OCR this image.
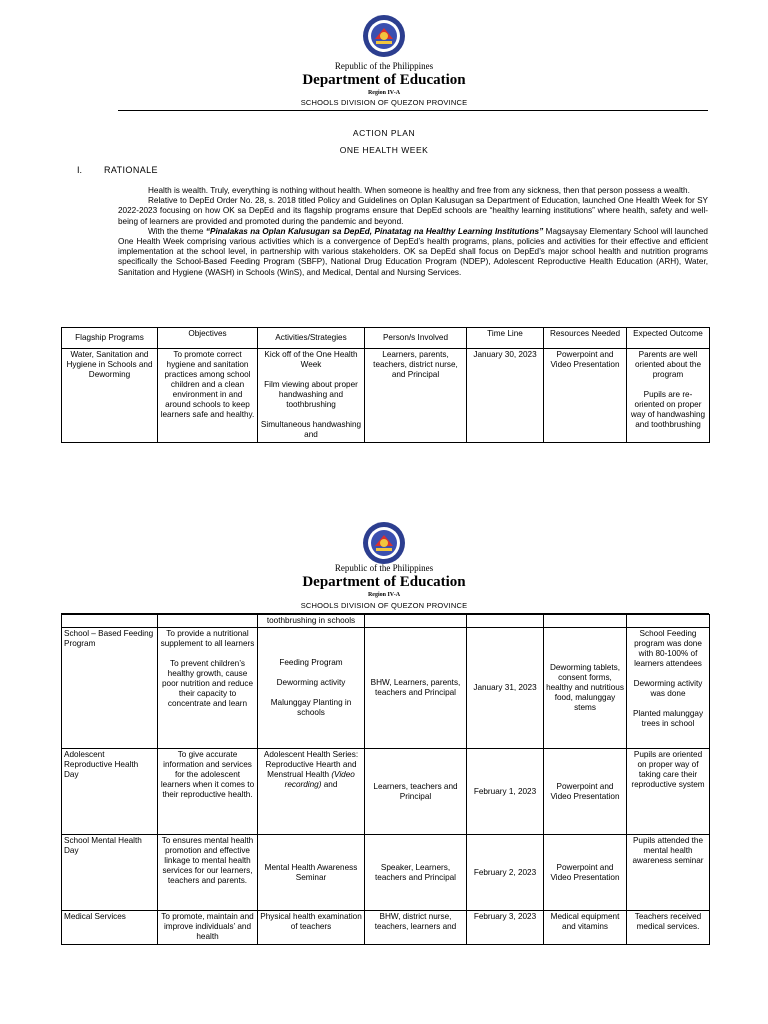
Republic of the Philippines
Department of Education
Region IV-A
SCHOOLS DIVISION OF QUEZON PROVINCE
ACTION PLAN
ONE HEALTH WEEK
I. RATIONALE

Health is wealth. Truly, everything is nothing without health. When someone is healthy and free from any sickness, then that person possess a wealth.

Relative to DepEd Order No. 28, s. 2018 titled Policy and Guidelines on Oplan Kalusugan sa Department of Education, launched One Health Week for SY 2022-2023 focusing on how OK sa DepEd and its flagship programs ensure that DepEd schools are “healthy learning institutions” where health, safety and well-being of learners are provided and promoted during the pandemic and beyond.

With the theme “Pinalakas na Oplan Kalusugan sa DepEd, Pinatatag na Healthy Learning Institutions” Magsaysay Elementary School will launched One Health Week comprising various activities which is a convergence of DepEd’s health programs, plans, policies and activities for their effective and efficient implementation at the school level, in partnership with various stakeholders. OK sa DepEd shall focus on DepEd’s major school health and nutrition programs specifically the School-Based Feeding Program (SBFP), National Drug Education Program (NDEP), Adolescent Reproductive Health Education (ARH), Water, Sanitation and Hygiene (WASH) in Schools (WinS), and Medical, Dental and Nursing Services.

Flagship Programs	Objectives	Activities/Strategies	Person/s Involved	Time Line	Resources Needed	Expected Outcome
Water, Sanitation and Hygiene in Schools and Deworming	To promote correct hygiene and sanitation practices among school children and a clean environment in and around schools to keep learners safe and healthy.	Kick off of the One Health Week
Film viewing about proper handwashing and toothbrushing
Simultaneous handwashing and	Learners, parents, teachers, district nurse, and Principal	January 30, 2023	Powerpoint and Video Presentation	Parents are well oriented about the program
Pupils are re-oriented on proper way of handwashing and toothbrushing
Republic of the Philippines
Department of Education
Region IV-A
SCHOOLS DIVISION OF QUEZON PROVINCE
		toothbrushing in schools				
School – Based Feeding Program	To provide a nutritional supplement to all learners
To prevent children’s healthy growth, cause poor nutrition and reduce their capacity to concentrate and learn	Feeding Program
Deworming activity
Malunggay Planting in schools	BHW, Learners, parents, teachers and Principal	January 31, 2023	Deworming tablets, consent forms, healthy and nutritious food, malunggay stems	School Feeding program was done with 80-100% of learners attendees
Deworming activity was done
Planted malunggay trees in school

Adolescent Reproductive Health Day	To give accurate information and services for the adolescent learners when it comes to their reproductive health.	Adolescent Health Series: Reproductive Hearth and Menstrual Health (Video recording) and	Learners, teachers and Principal	February 1, 2023	Powerpoint and Video Presentation	Pupils are oriented on proper way of taking care their reproductive system
School Mental Health Day	To ensures mental health promotion and effective linkage to mental health services for our learners, teachers and parents.	Mental Health Awareness Seminar	Speaker, Learners, teachers and Principal	February 2, 2023	Powerpoint and Video Presentation	Pupils attended the mental health awareness seminar
Medical Services	To promote, maintain and improve individuals’ and health	Physical health examination of teachers	BHW, district nurse, teachers, learners and	February 3, 2023	Medical equipment and vitamins	Teachers received medical services.
